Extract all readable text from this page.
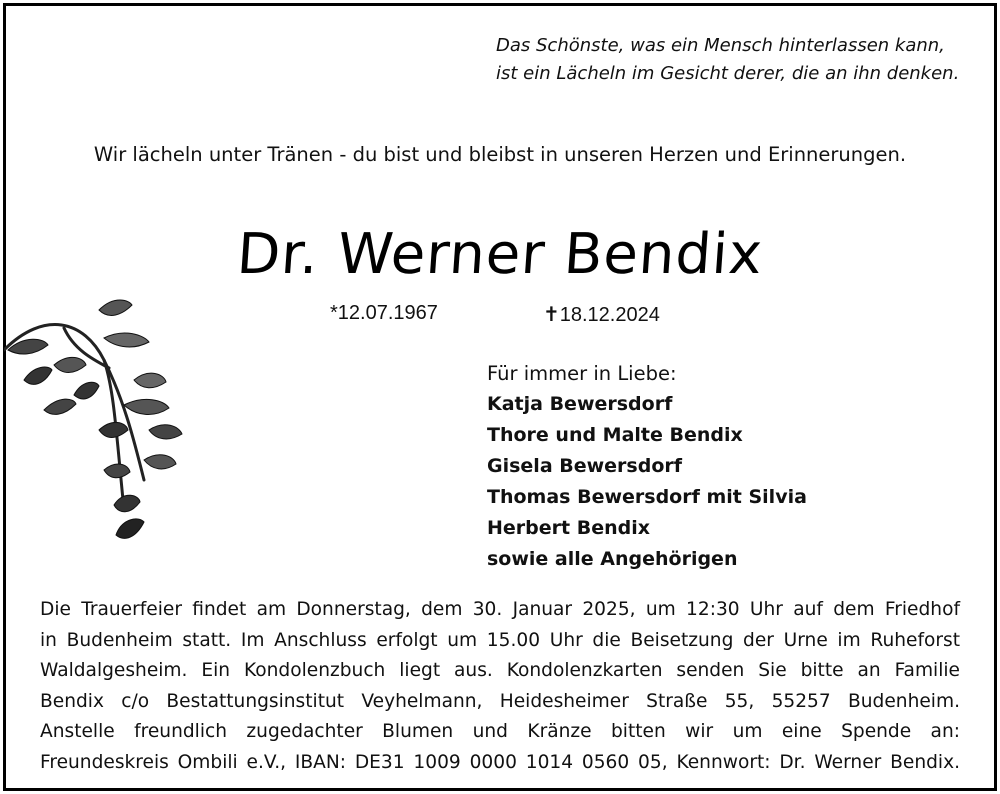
Das Schönste, was ein Mensch hinterlassen kann,
ist ein Lächeln im Gesicht derer, die an ihn denken.
Wir lächeln unter Tränen - du bist und bleibst in unseren Herzen und Erinnerungen.
Dr. Werner Bendix
*12.07.1967	✝18.12.2024
Für immer in Liebe:
Katja Bewersdorf
Thore und Malte Bendix
Gisela Bewersdorf
Thomas Bewersdorf mit Silvia
Herbert Bendix
sowie alle Angehörigen
Die Trauerfeier findet am Donnerstag, dem 30. Januar 2025, um 12:30 Uhr auf dem Friedhof
in Budenheim statt. Im Anschluss erfolgt um 15.00 Uhr die Beisetzung der Urne im Ruheforst
Waldalgesheim. Ein Kondolenzbuch liegt aus. Kondolenzkarten senden Sie bitte an Familie
Bendix c/o Bestattungsinstitut Veyhelmann, Heidesheimer Straße 55, 55257 Budenheim.
Anstelle freundlich zugedachter Blumen und Kränze bitten wir um eine Spende an:
Freundeskreis Ombili e.V., IBAN: DE31 1009 0000 1014 0560 05, Kennwort: Dr. Werner Bendix.
